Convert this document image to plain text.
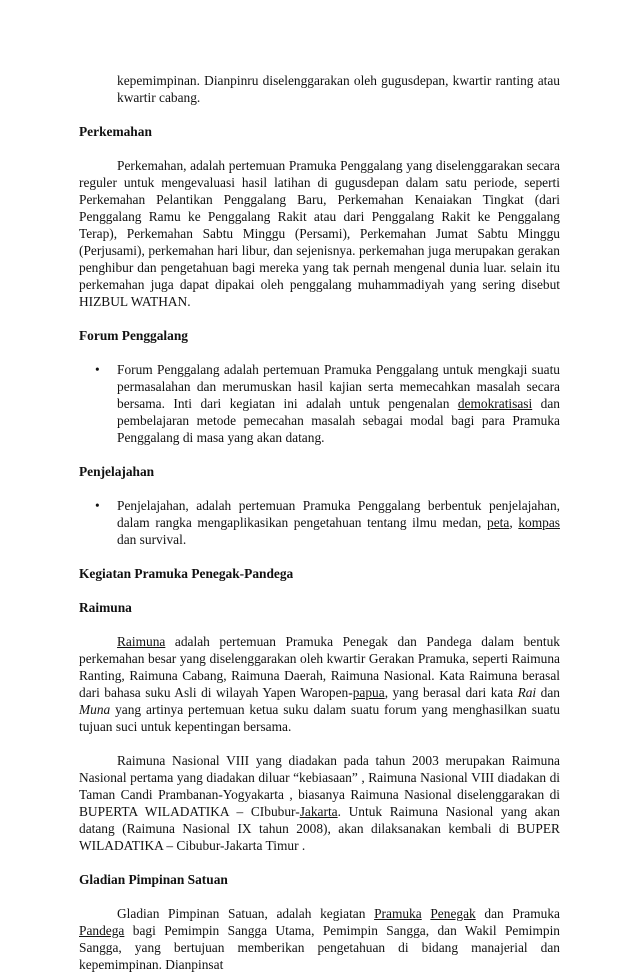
kepemimpinan. Dianpinru diselenggarakan oleh gugusdepan, kwartir ranting atau kwartir cabang.

Perkemahan

Perkemahan, adalah pertemuan Pramuka Penggalang yang diselenggarakan secara reguler untuk mengevaluasi hasil latihan di gugusdepan dalam satu periode, seperti Perkemahan Pelantikan Penggalang Baru, Perkemahan Kenaiakan Tingkat (dari Penggalang Ramu ke Penggalang Rakit atau dari Penggalang Rakit ke Penggalang Terap), Perkemahan Sabtu Minggu (Persami), Perkemahan Jumat Sabtu Minggu (Perjusami), perkemahan hari libur, dan sejenisnya. perkemahan juga merupakan gerakan penghibur dan pengetahuan bagi mereka yang tak pernah mengenal dunia luar. selain itu perkemahan juga dapat dipakai oleh penggalang muhammadiyah yang sering disebut HIZBUL WATHAN.

Forum Penggalang

• Forum Penggalang adalah pertemuan Pramuka Penggalang untuk mengkaji suatu permasalahan dan merumuskan hasil kajian serta memecahkan masalah secara bersama. Inti dari kegiatan ini adalah untuk pengenalan demokratisasi dan pembelajaran metode pemecahan masalah sebagai modal bagi para Pramuka Penggalang di masa yang akan datang.

Penjelajahan

• Penjelajahan, adalah pertemuan Pramuka Penggalang berbentuk penjelajahan, dalam rangka mengaplikasikan pengetahuan tentang ilmu medan, peta, kompas dan survival.

Kegiatan Pramuka Penegak-Pandega

Raimuna

Raimuna adalah pertemuan Pramuka Penegak dan Pandega dalam bentuk perkemahan besar yang diselenggarakan oleh kwartir Gerakan Pramuka, seperti Raimuna Ranting, Raimuna Cabang, Raimuna Daerah, Raimuna Nasional. Kata Raimuna berasal dari bahasa suku Asli di wilayah Yapen Waropen-papua, yang berasal dari kata Rai dan Muna yang artinya pertemuan ketua suku dalam suatu forum yang menghasilkan suatu tujuan suci untuk kepentingan bersama.

Raimuna Nasional VIII yang diadakan pada tahun 2003 merupakan Raimuna Nasional pertama yang diadakan diluar “kebiasaan” , Raimuna Nasional VIII diadakan di Taman Candi Prambanan-Yogyakarta , biasanya Raimuna Nasional diselenggarakan di BUPERTA WILADATIKA – CIbubur-Jakarta. Untuk Raimuna Nasional yang akan datang (Raimuna Nasional IX tahun 2008), akan dilaksanakan kembali di BUPER WILADATIKA – Cibubur-Jakarta Timur .

Gladian Pimpinan Satuan

Gladian Pimpinan Satuan, adalah kegiatan Pramuka Penegak dan Pramuka Pandega bagi Pemimpin Sangga Utama, Pemimpin Sangga, dan Wakil Pemimpin Sangga, yang bertujuan memberikan pengetahuan di bidang manajerial dan kepemimpinan. Dianpinsat
